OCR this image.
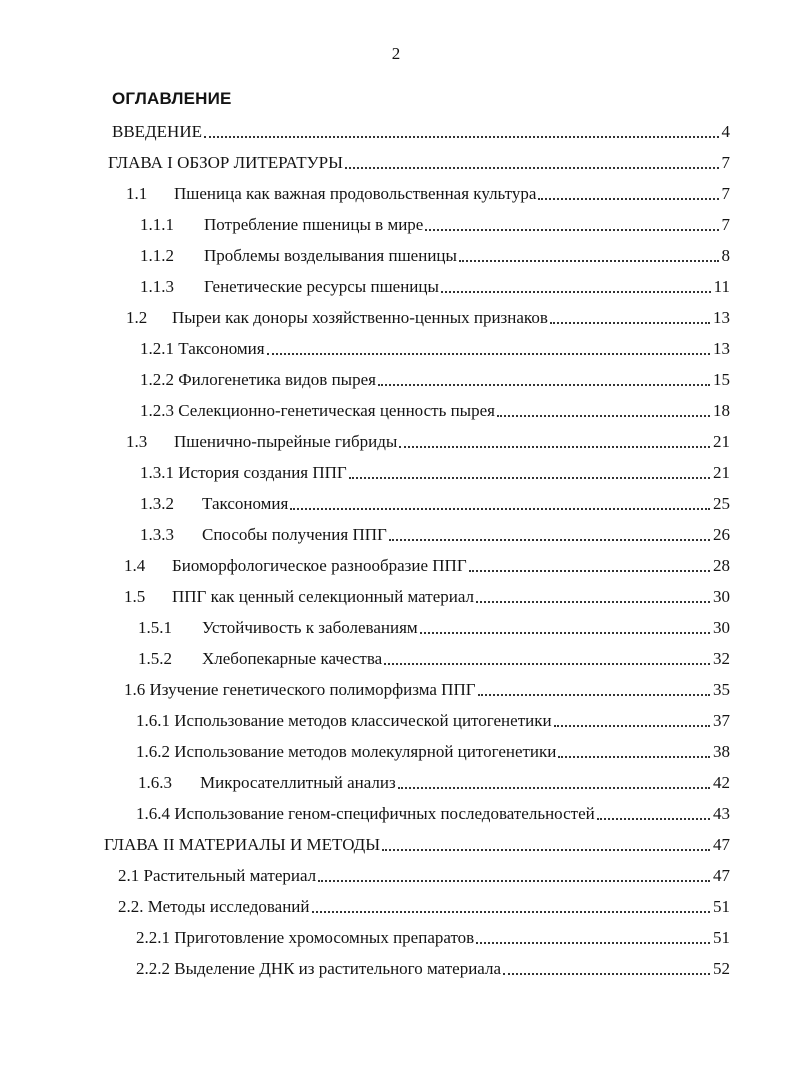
2
ОГЛАВЛЕНИЕ
ВВЕДЕНИЕ	4
ГЛАВА I ОБЗОР ЛИТЕРАТУРЫ	7
1.1	Пшеница как важная продовольственная культура	7
1.1.1	Потребление пшеницы в мире	7
1.1.2	Проблемы возделывания пшеницы	8
1.1.3	Генетические ресурсы пшеницы	11
1.2	Пыреи как доноры хозяйственно-ценных признаков	13
1.2.1 Таксономия	13
1.2.2 Филогенетика видов пырея	15
1.2.3 Селекционно-генетическая ценность пырея	18
1.3	Пшенично-пырейные гибриды	21
1.3.1 История создания ППГ	21
1.3.2	Таксономия	25
1.3.3	Способы получения ППГ	26
1.4	Биоморфологическое разнообразие ППГ	28
1.5	ППГ как ценный селекционный материал	30
1.5.1	Устойчивость к заболеваниям	30
1.5.2	Хлебопекарные качества	32
1.6 Изучение генетического полиморфизма ППГ	35
1.6.1 Использование методов классической цитогенетики	37
1.6.2 Использование методов молекулярной цитогенетики	38
1.6.3	Микросателлитный анализ	42
1.6.4 Использование геном-специфичных последовательностей	43
ГЛАВА II МАТЕРИАЛЫ И МЕТОДЫ	47
2.1 Растительный материал	47
2.2. Методы исследований	51
2.2.1 Приготовление хромосомных препаратов	51
2.2.2 Выделение ДНК из растительного материала	52
